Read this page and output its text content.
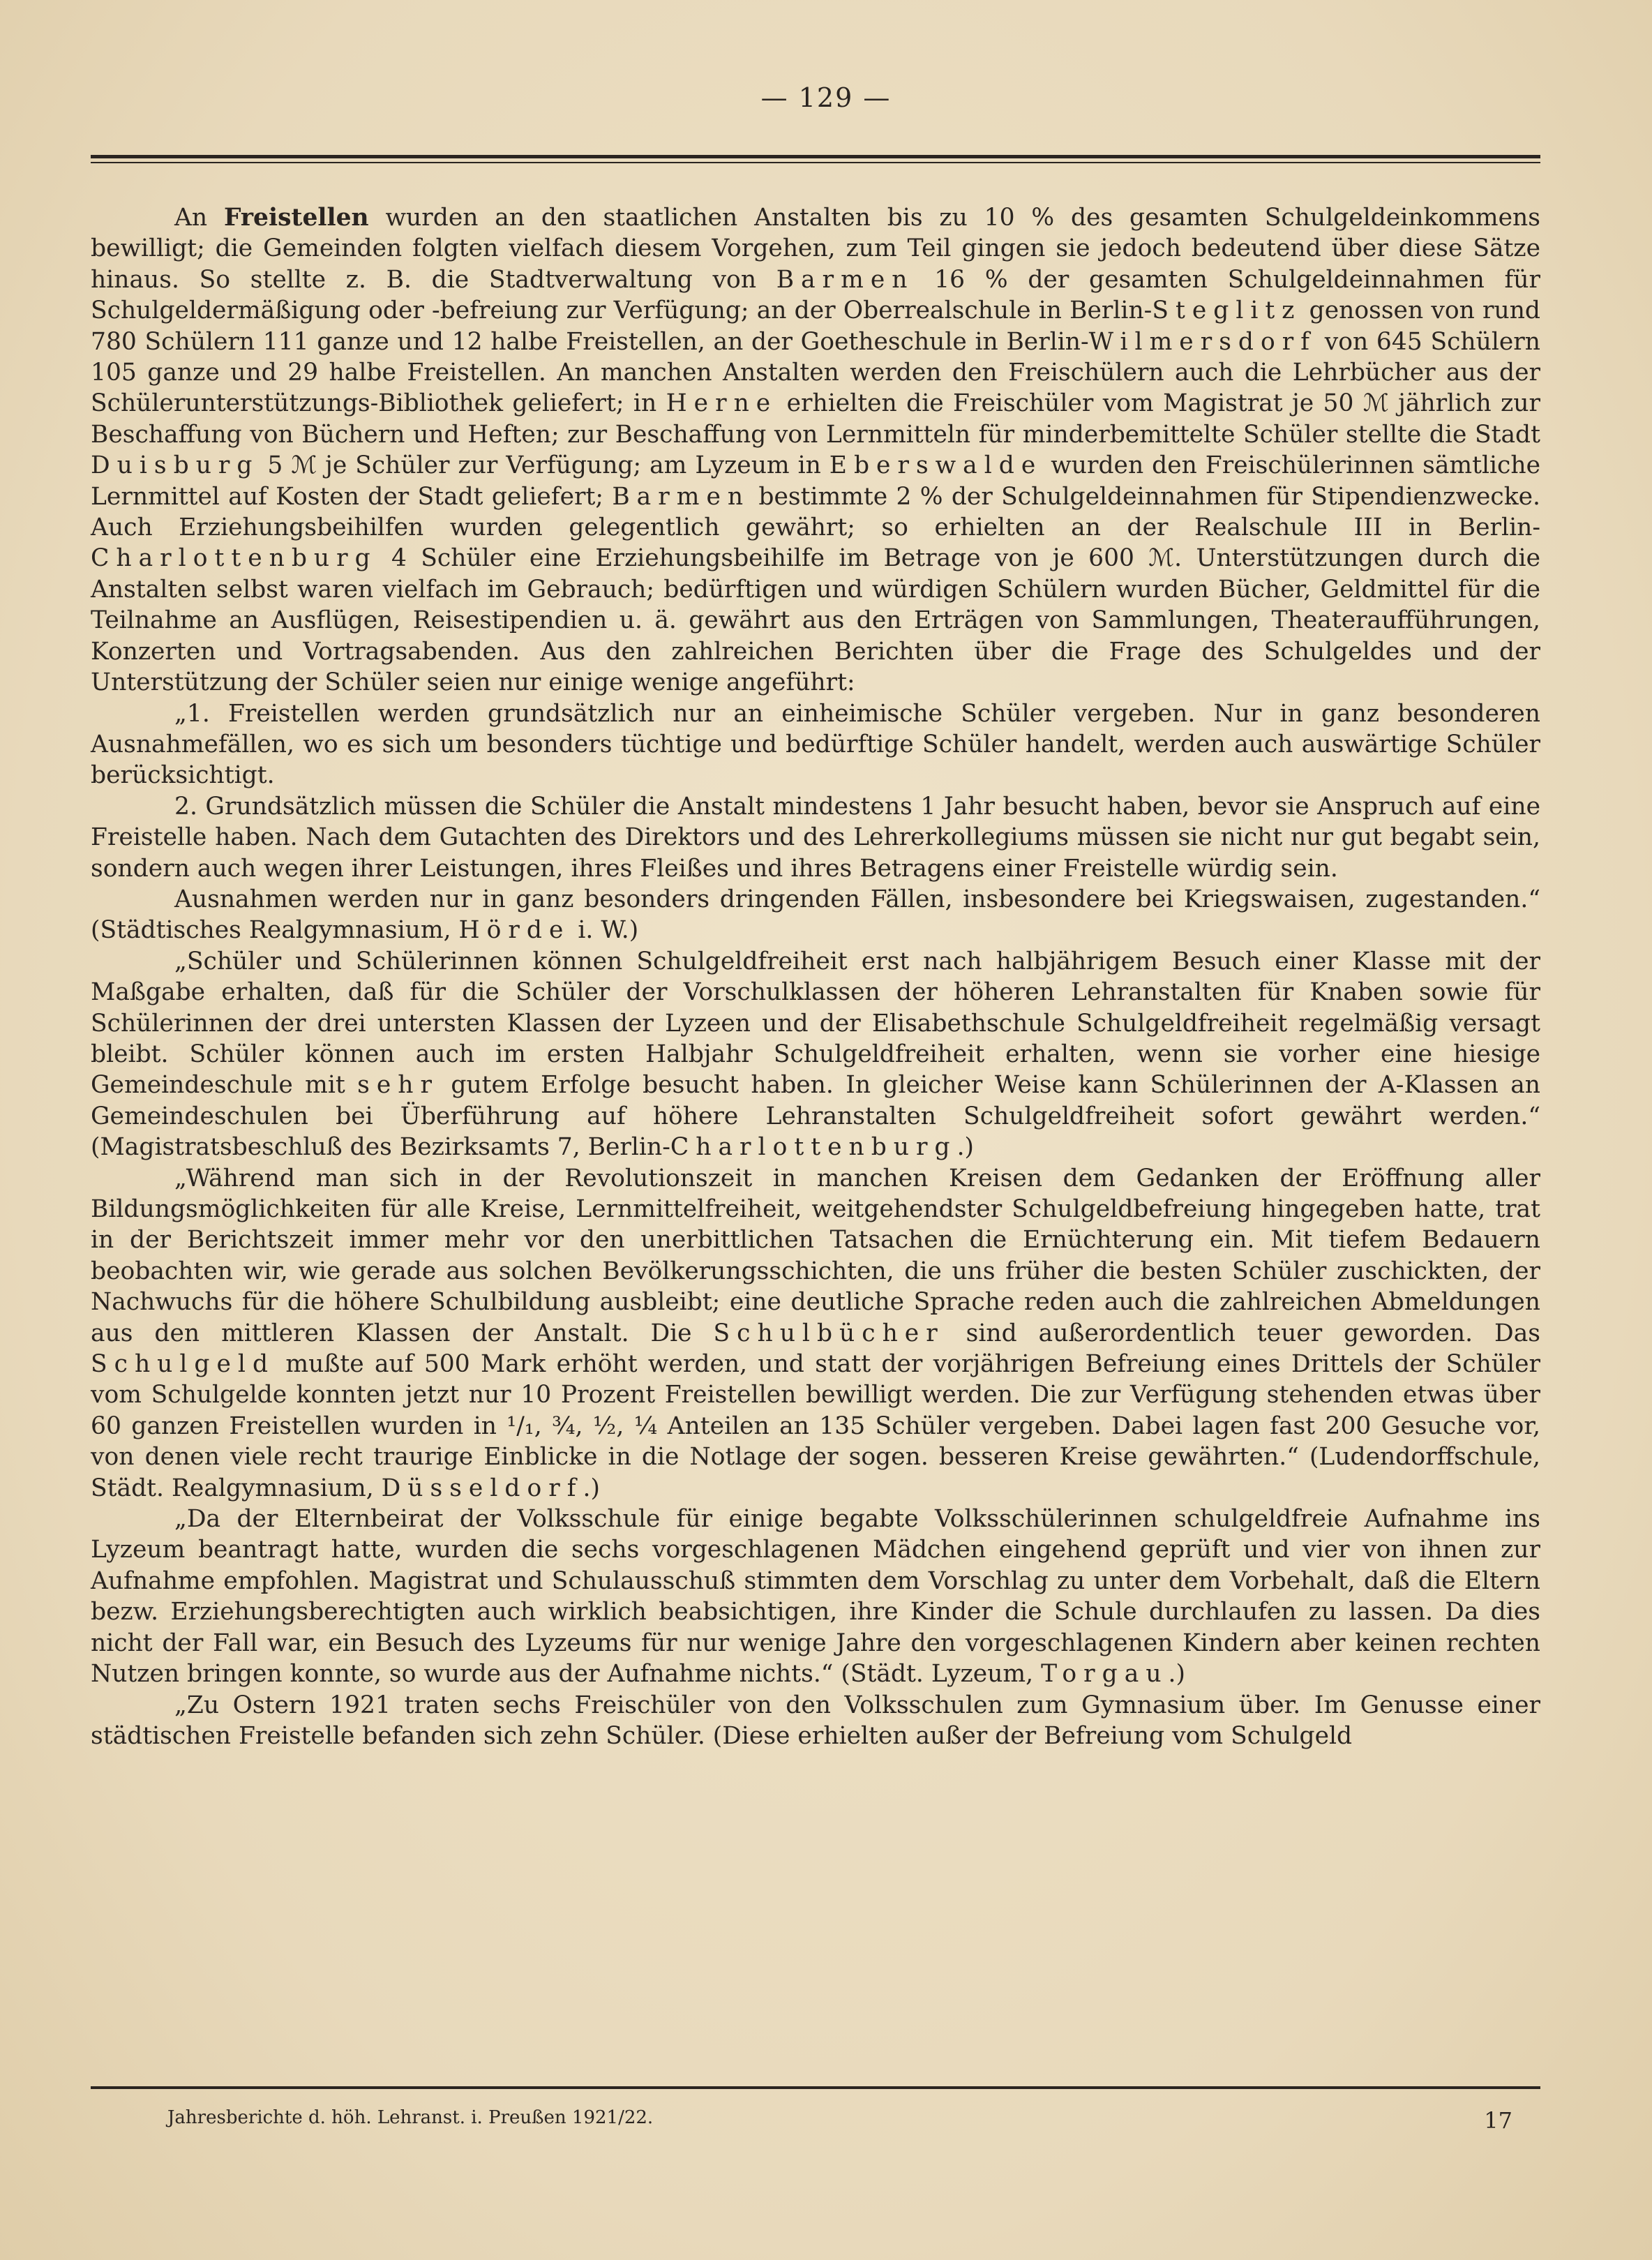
— 129 —

An Freistellen wurden an den staatlichen Anstalten bis zu 10 % des gesamten Schulgeldeinkommens bewilligt; die Gemeinden folgten vielfach diesem Vorgehen, zum Teil gingen sie jedoch bedeutend über diese Sätze hinaus. So stellte z. B. die Stadtverwaltung von Barmen 16 % der gesamten Schulgeldeinnahmen für Schulgeldermäßigung oder -befreiung zur Verfügung; an der Oberrealschule in Berlin-Steglitz genossen von rund 780 Schülern 111 ganze und 12 halbe Freistellen, an der Goetheschule in Berlin-Wilmersdorf von 645 Schülern 105 ganze und 29 halbe Freistellen. An manchen Anstalten werden den Freischülern auch die Lehrbücher aus der Schülerunterstützungs-Bibliothek geliefert; in Herne erhielten die Freischüler vom Magistrat je 50 ℳ jährlich zur Beschaffung von Büchern und Heften; zur Beschaffung von Lernmitteln für minderbemittelte Schüler stellte die Stadt Duisburg 5 ℳ je Schüler zur Verfügung; am Lyzeum in Eberswalde wurden den Freischülerinnen sämtliche Lernmittel auf Kosten der Stadt geliefert; Barmen bestimmte 2 % der Schulgeldeinnahmen für Stipendienzwecke. Auch Erziehungsbeihilfen wurden gelegentlich gewährt; so erhielten an der Realschule III in Berlin-Charlottenburg 4 Schüler eine Erziehungsbeihilfe im Betrage von je 600 ℳ. Unterstützungen durch die Anstalten selbst waren vielfach im Gebrauch; bedürftigen und würdigen Schülern wurden Bücher, Geldmittel für die Teilnahme an Ausflügen, Reisestipendien u. ä. gewährt aus den Erträgen von Sammlungen, Theateraufführungen, Konzerten und Vortragsabenden. Aus den zahlreichen Berichten über die Frage des Schulgeldes und der Unterstützung der Schüler seien nur einige wenige angeführt:

„1. Freistellen werden grundsätzlich nur an einheimische Schüler vergeben. Nur in ganz besonderen Ausnahmefällen, wo es sich um besonders tüchtige und bedürftige Schüler handelt, werden auch auswärtige Schüler berücksichtigt.

2. Grundsätzlich müssen die Schüler die Anstalt mindestens 1 Jahr besucht haben, bevor sie Anspruch auf eine Freistelle haben. Nach dem Gutachten des Direktors und des Lehrerkollegiums müssen sie nicht nur gut begabt sein, sondern auch wegen ihrer Leistungen, ihres Fleißes und ihres Betragens einer Freistelle würdig sein.

Ausnahmen werden nur in ganz besonders dringenden Fällen, insbesondere bei Kriegswaisen, zugestanden.“ (Städtisches Realgymnasium, Hörde i. W.)

„Schüler und Schülerinnen können Schulgeldfreiheit erst nach halbjährigem Besuch einer Klasse mit der Maßgabe erhalten, daß für die Schüler der Vorschulklassen der höheren Lehranstalten für Knaben sowie für Schülerinnen der drei untersten Klassen der Lyzeen und der Elisabethschule Schulgeldfreiheit regelmäßig versagt bleibt. Schüler können auch im ersten Halbjahr Schulgeldfreiheit erhalten, wenn sie vorher eine hiesige Gemeindeschule mit sehr gutem Erfolge besucht haben. In gleicher Weise kann Schülerinnen der A-Klassen an Gemeindeschulen bei Überführung auf höhere Lehranstalten Schulgeldfreiheit sofort gewährt werden.“ (Magistratsbeschluß des Bezirksamts 7, Berlin-Charlottenburg.)

„Während man sich in der Revolutionszeit in manchen Kreisen dem Gedanken der Eröffnung aller Bildungsmöglichkeiten für alle Kreise, Lernmittelfreiheit, weitgehendster Schulgeldbefreiung hingegeben hatte, trat in der Berichtszeit immer mehr vor den unerbittlichen Tatsachen die Ernüchterung ein. Mit tiefem Bedauern beobachten wir, wie gerade aus solchen Bevölkerungsschichten, die uns früher die besten Schüler zuschickten, der Nachwuchs für die höhere Schulbildung ausbleibt; eine deutliche Sprache reden auch die zahlreichen Abmeldungen aus den mittleren Klassen der Anstalt. Die Schulbücher sind außerordentlich teuer geworden. Das Schulgeld mußte auf 500 Mark erhöht werden, und statt der vorjährigen Befreiung eines Drittels der Schüler vom Schulgelde konnten jetzt nur 10 Prozent Freistellen bewilligt werden. Die zur Verfügung stehenden etwas über 60 ganzen Freistellen wurden in ¹/₁, ¾, ½, ¼ Anteilen an 135 Schüler vergeben. Dabei lagen fast 200 Gesuche vor, von denen viele recht traurige Einblicke in die Notlage der sogen. besseren Kreise gewährten.“ (Ludendorffschule, Städt. Realgymnasium, Düsseldorf.)

„Da der Elternbeirat der Volksschule für einige begabte Volksschülerinnen schulgeldfreie Aufnahme ins Lyzeum beantragt hatte, wurden die sechs vorgeschlagenen Mädchen eingehend geprüft und vier von ihnen zur Aufnahme empfohlen. Magistrat und Schulausschuß stimmten dem Vorschlag zu unter dem Vorbehalt, daß die Eltern bezw. Erziehungsberechtigten auch wirklich beabsichtigen, ihre Kinder die Schule durchlaufen zu lassen. Da dies nicht der Fall war, ein Besuch des Lyzeums für nur wenige Jahre den vorgeschlagenen Kindern aber keinen rechten Nutzen bringen konnte, so wurde aus der Aufnahme nichts.“ (Städt. Lyzeum, Torgau.)

„Zu Ostern 1921 traten sechs Freischüler von den Volksschulen zum Gymnasium über. Im Genusse einer städtischen Freistelle befanden sich zehn Schüler. (Diese erhielten außer der Befreiung vom Schulgeld

Jahresberichte d. höh. Lehranst. i. Preußen 1921/22.	17
